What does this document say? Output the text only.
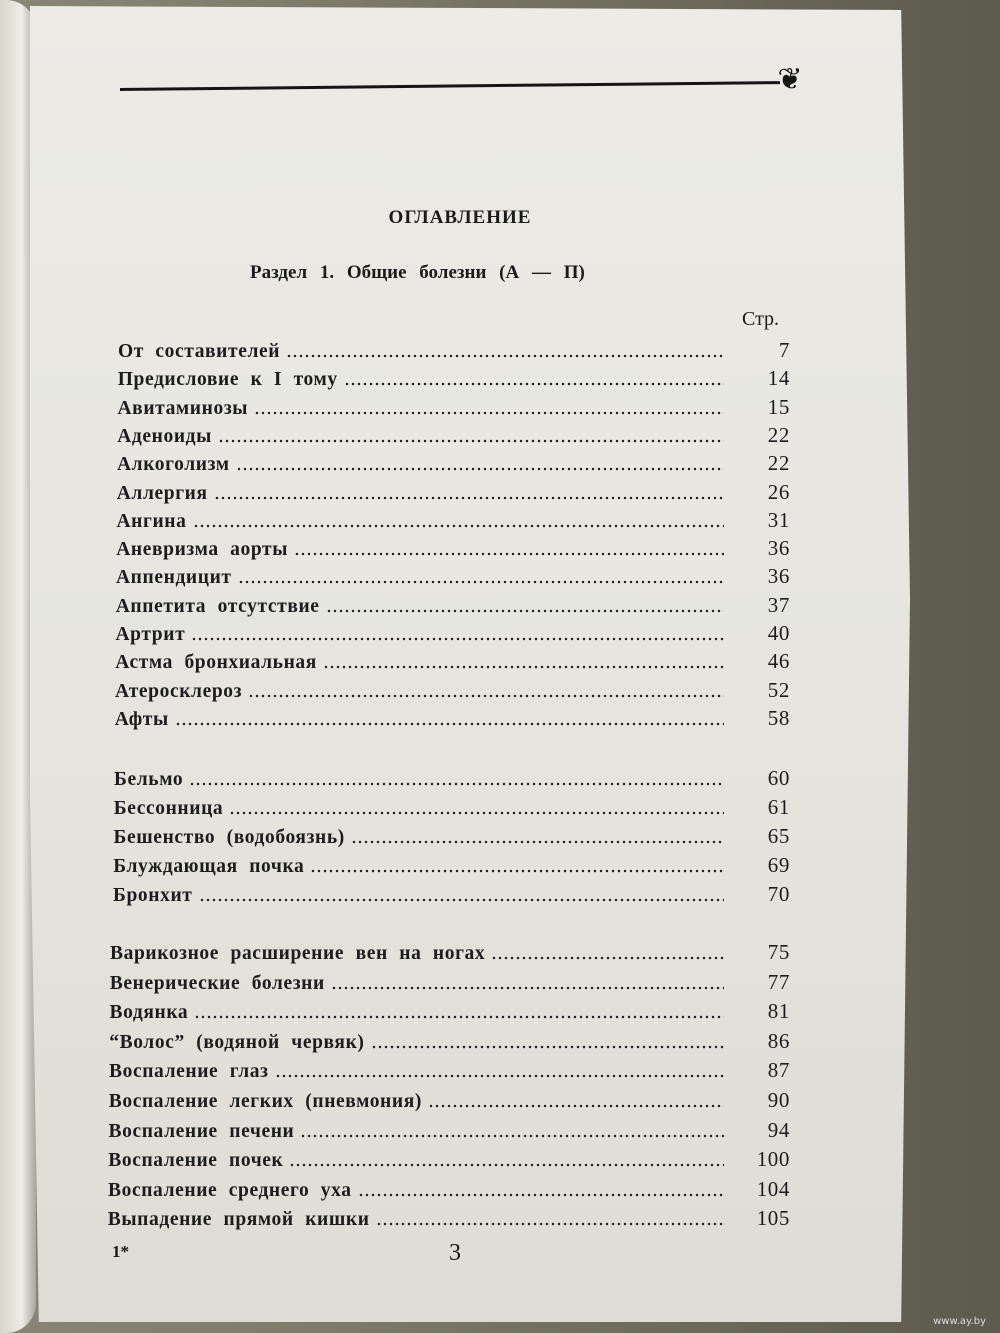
❦
ОГЛАВЛЕНИЕ
Раздел 1. Общие болезни (А — П)
Стр.
От составителей	7
Предисловие к I тому	14
Авитаминозы	15
Аденоиды	22
Алкоголизм	22
Аллергия	26
Ангина	31
Аневризма аорты	36
Аппендицит	36
Аппетита отсутствие	37
Артрит	40
Астма бронхиальная	46
Атеросклероз	52
Афты	58
Бельмо	60
Бессонница	61
Бешенство (водобоязнь)	65
Блуждающая почка	69
Бронхит	70
Варикозное расширение вен на ногах	75
Венерические болезни	77
Водянка	81
“Волос” (водяной червяк)	86
Воспаление глаз	87
Воспаление легких (пневмония)	90
Воспаление печени	94
Воспаление почек	100
Воспаление среднего уха	104
Выпадение прямой кишки	105
1*	3
www.ay.by
